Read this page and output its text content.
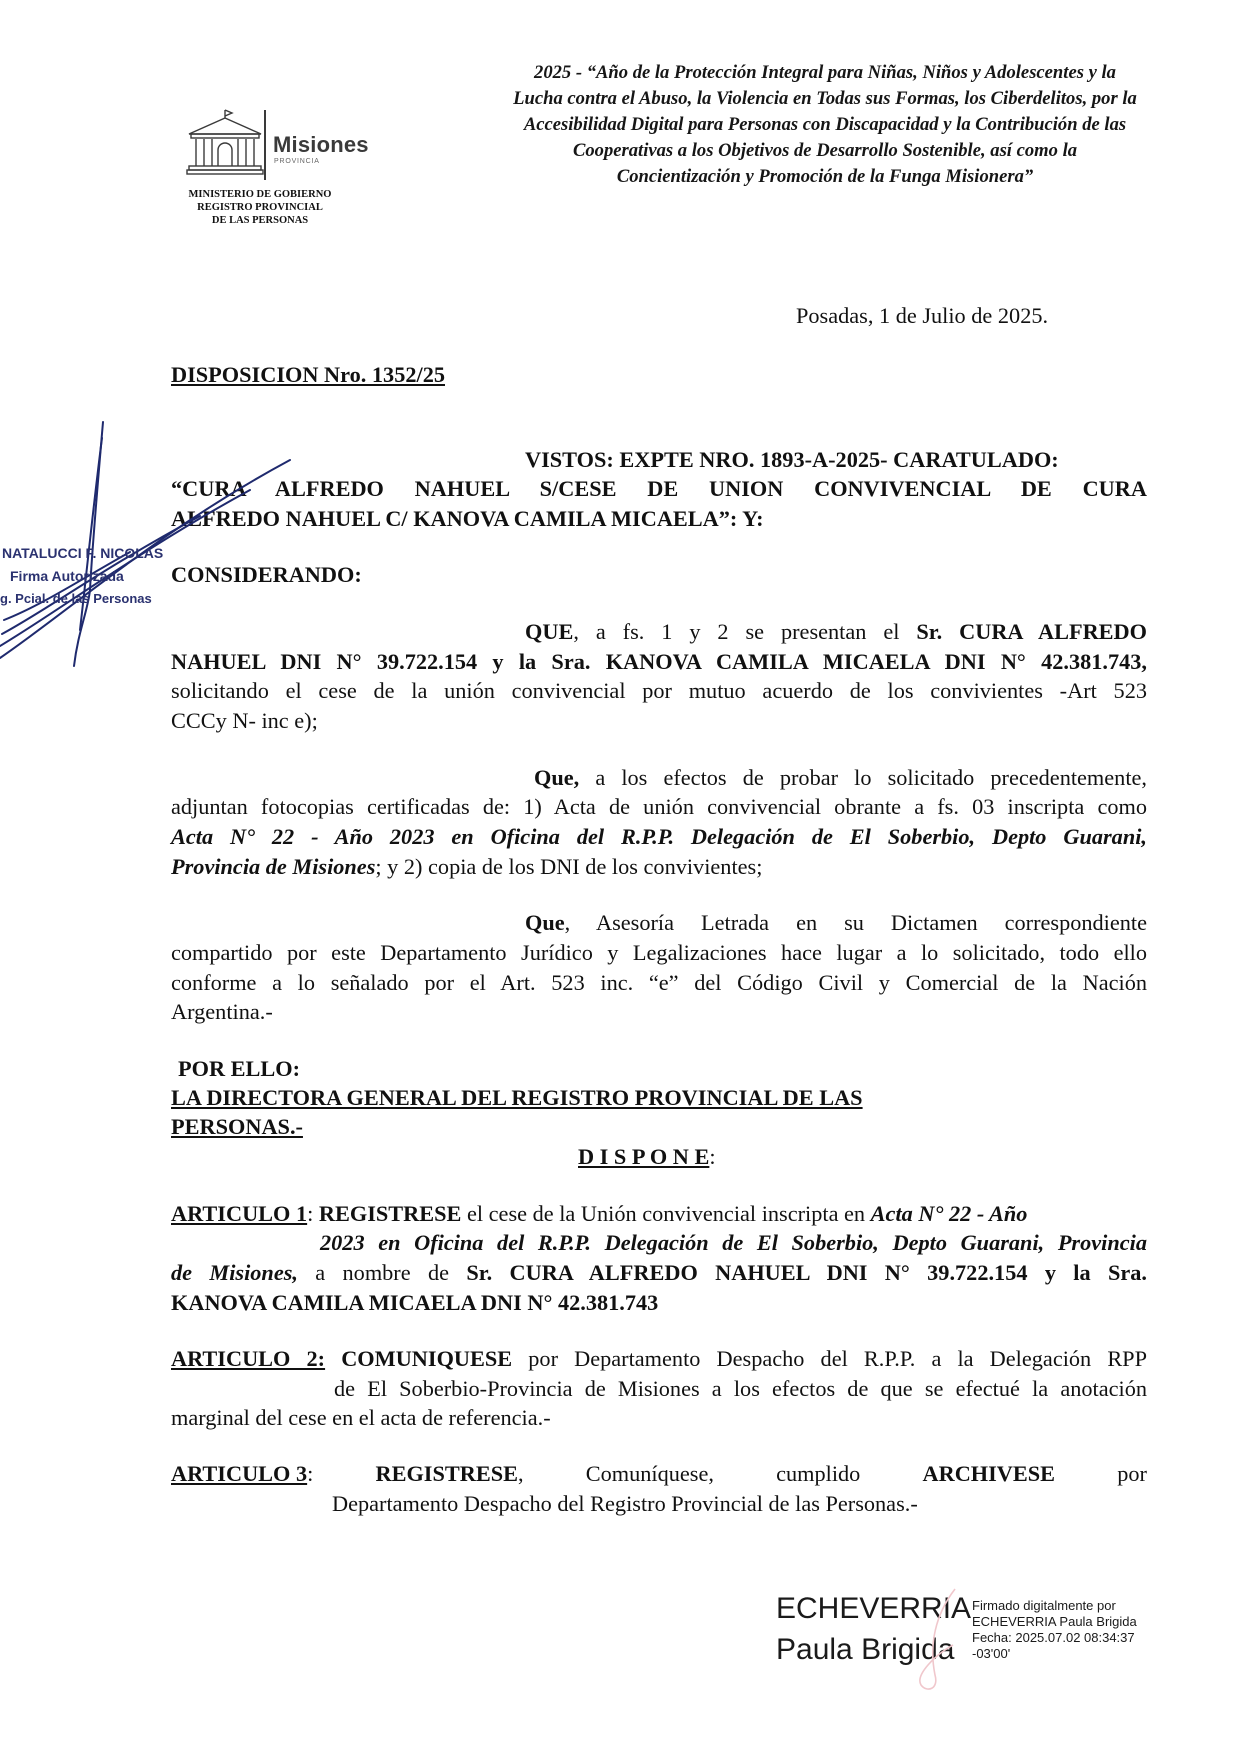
Misiones
PROVINCIA
MINISTERIO DE GOBIERNO
REGISTRO PROVINCIAL
DE LAS PERSONAS
2025 - “Año de la Protección Integral para Niñas, Niños y Adolescentes y la
Lucha contra el Abuso, la Violencia en Todas sus Formas, los Ciberdelitos, por la
Accesibilidad Digital para Personas con Discapacidad y la Contribución de las
Cooperativas a los Objetivos de Desarrollo Sostenible, así como la
Concientización y Promoción de la Funga Misionera”
Posadas, 1 de Julio de 2025.
DISPOSICION Nro. 1352/25
VISTOS: EXPTE NRO. 1893-A-2025- CARATULADO:
“CURA ALFREDO NAHUEL S/CESE DE UNION CONVIVENCIAL DE CURA
ALFREDO NAHUEL C/ KANOVA CAMILA MICAELA”: Y:
CONSIDERANDO:
QUE, a fs. 1 y 2 se presentan el Sr. CURA ALFREDO
NAHUEL DNI N° 39.722.154 y la Sra. KANOVA CAMILA MICAELA DNI N° 42.381.743,
solicitando el cese de la unión convivencial por mutuo acuerdo de los convivientes -Art 523
CCCy N- inc e);
Que, a los efectos de probar lo solicitado precedentemente,
adjuntan fotocopias certificadas de: 1) Acta de unión convivencial obrante a fs. 03 inscripta como
Acta N° 22 - Año 2023 en Oficina del R.P.P. Delegación de El Soberbio, Depto Guarani,
Provincia de Misiones; y 2) copia de los DNI de los convivientes;
Que, Asesoría Letrada en su Dictamen correspondiente
compartido por este Departamento Jurídico y Legalizaciones hace lugar a lo solicitado, todo ello
conforme a lo señalado por el Art. 523 inc. “e” del Código Civil y Comercial de la Nación
Argentina.-
POR ELLO:
LA DIRECTORA GENERAL DEL REGISTRO PROVINCIAL DE LAS
PERSONAS.-
D I S P O N E:
ARTICULO 1: REGISTRESE el cese de la Unión convivencial inscripta en Acta N° 22 - Año
2023 en Oficina del R.P.P. Delegación de El Soberbio, Depto Guarani, Provincia
de Misiones, a nombre de Sr. CURA ALFREDO NAHUEL DNI N° 39.722.154 y la Sra.
KANOVA CAMILA MICAELA DNI N° 42.381.743
ARTICULO 2: COMUNIQUESE por Departamento Despacho del R.P.P. a la Delegación RPP
de El Soberbio-Provincia de Misiones a los efectos de que se efectué la anotación
marginal del cese en el acta de referencia.-
ARTICULO 3:	REGISTRESE,	Comuníquese,	cumplido	ARCHIVESE	por
Departamento Despacho del Registro Provincial de las Personas.-
NATALUCCI F. NICOLAS
Firma Autorizada
g. Pcial. de las Personas
ECHEVERRIA
Paula Brigida
Firmado digitalmente por
ECHEVERRIA Paula Brigida
Fecha: 2025.07.02 08:34:37
-03'00'
